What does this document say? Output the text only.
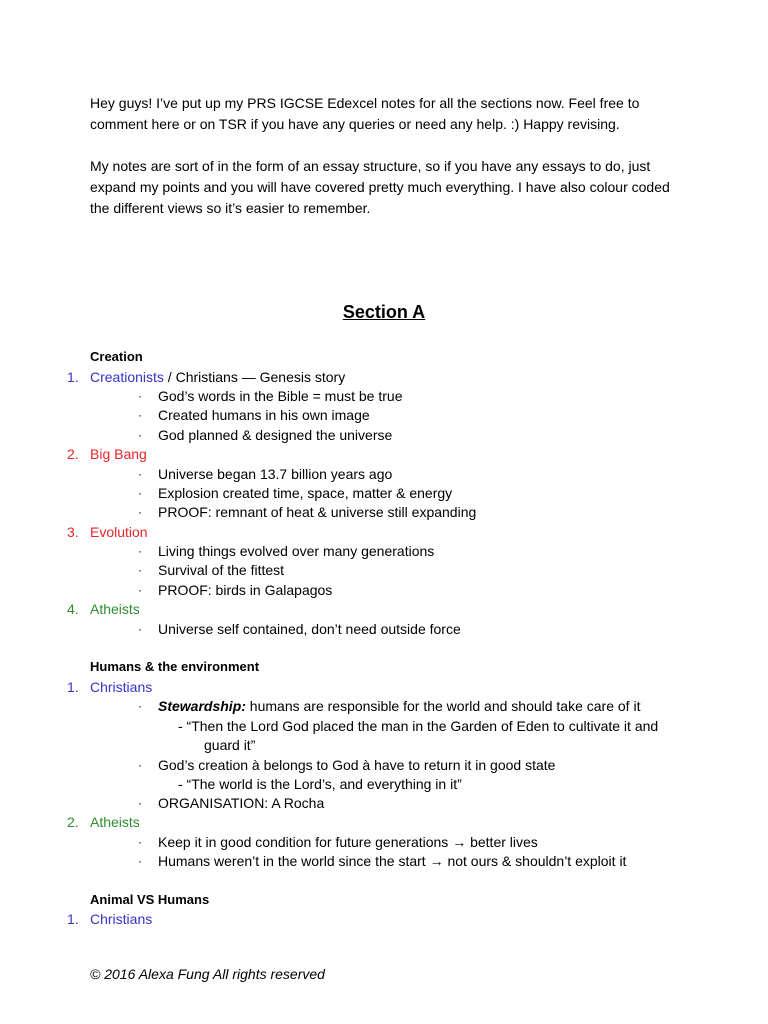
Hey guys! I’ve put up my PRS IGCSE Edexcel notes for all the sections now. Feel free to comment here or on TSR if you have any queries or need any help. :) Happy revising.

My notes are sort of in the form of an essay structure, so if you have any essays to do, just expand my points and you will have covered pretty much everything. I have also colour coded the different views so it’s easier to remember.

Section A
Creation
1. Creationists / Christians — Genesis story
· God’s words in the Bible = must be true
· Created humans in his own image
· God planned & designed the universe
2. Big Bang
· Universe began 13.7 billion years ago
· Explosion created time, space, matter & energy
· PROOF: remnant of heat & universe still expanding
3. Evolution
· Living things evolved over many generations
· Survival of the fittest
· PROOF: birds in Galapagos
4. Atheists
· Universe self contained, don’t need outside force
Humans & the environment
1. Christians
· Stewardship: humans are responsible for the world and should take care of it
- “Then the Lord God placed the man in the Garden of Eden to cultivate it and
guard it”
· God’s creation à belongs to God à have to return it in good state
- “The world is the Lord’s, and everything in it”
· ORGANISATION: A Rocha
2. Atheists
· Keep it in good condition for future generations → better lives
· Humans weren’t in the world since the start → not ours & shouldn’t exploit it
Animal VS Humans
1. Christians
© 2016 Alexa Fung All rights reserved
